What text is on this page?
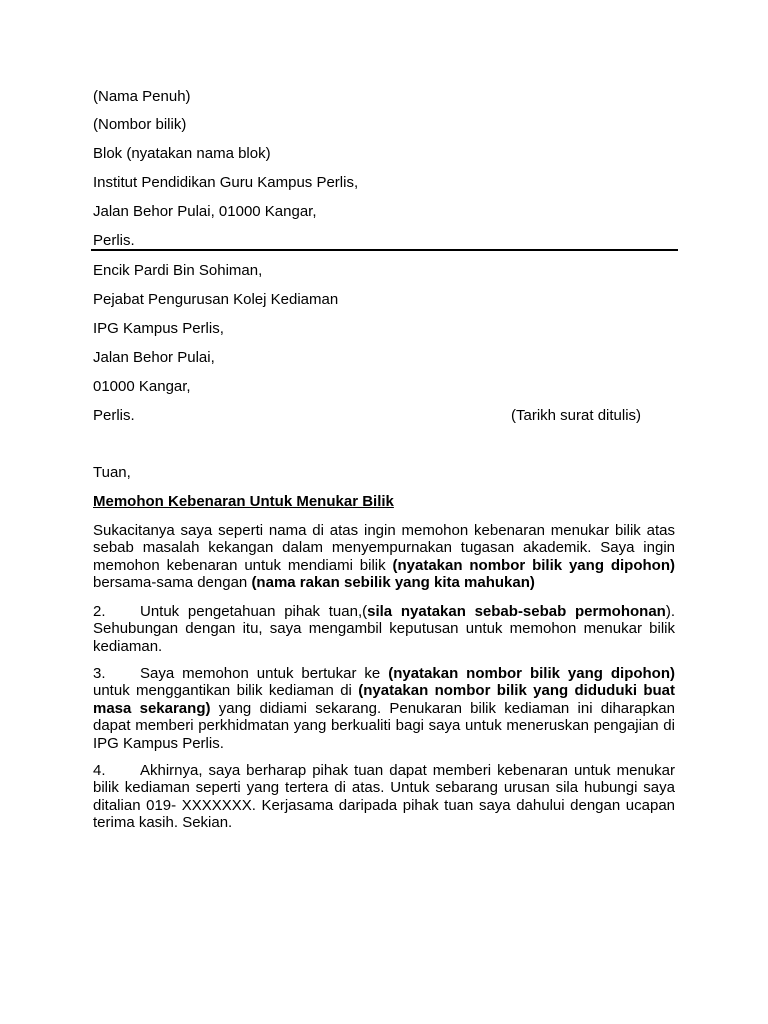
(Nama Penuh)
(Nombor bilik)
Blok (nyatakan nama blok)
Institut Pendidikan Guru Kampus Perlis,
Jalan Behor Pulai, 01000 Kangar,
Perlis.
Encik Pardi Bin Sohiman,
Pejabat Pengurusan Kolej Kediaman
IPG Kampus Perlis,
Jalan Behor Pulai,
01000 Kangar,
Perlis.	(Tarikh surat ditulis)
Tuan,
Memohon Kebenaran Untuk Menukar Bilik
Sukacitanya saya seperti nama di atas ingin memohon kebenaran menukar bilik atas sebab masalah kekangan dalam menyempurnakan tugasan akademik. Saya ingin memohon kebenaran untuk mendiami bilik (nyatakan nombor bilik yang dipohon) bersama-sama dengan (nama rakan sebilik yang kita mahukan)
2. Untuk pengetahuan pihak tuan,(sila nyatakan sebab-sebab permohonan). Sehubungan dengan itu, saya mengambil keputusan untuk memohon menukar bilik kediaman.
3. Saya memohon untuk bertukar ke (nyatakan nombor bilik yang dipohon) untuk menggantikan bilik kediaman di (nyatakan nombor bilik yang diduduki buat masa sekarang) yang didiami sekarang. Penukaran bilik kediaman ini diharapkan dapat memberi perkhidmatan yang berkualiti bagi saya untuk meneruskan pengajian di IPG Kampus Perlis.
4. Akhirnya, saya berharap pihak tuan dapat memberi kebenaran untuk menukar bilik kediaman seperti yang tertera di atas. Untuk sebarang urusan sila hubungi saya ditalian 019- XXXXXXX. Kerjasama daripada pihak tuan saya dahului dengan ucapan terima kasih. Sekian.
